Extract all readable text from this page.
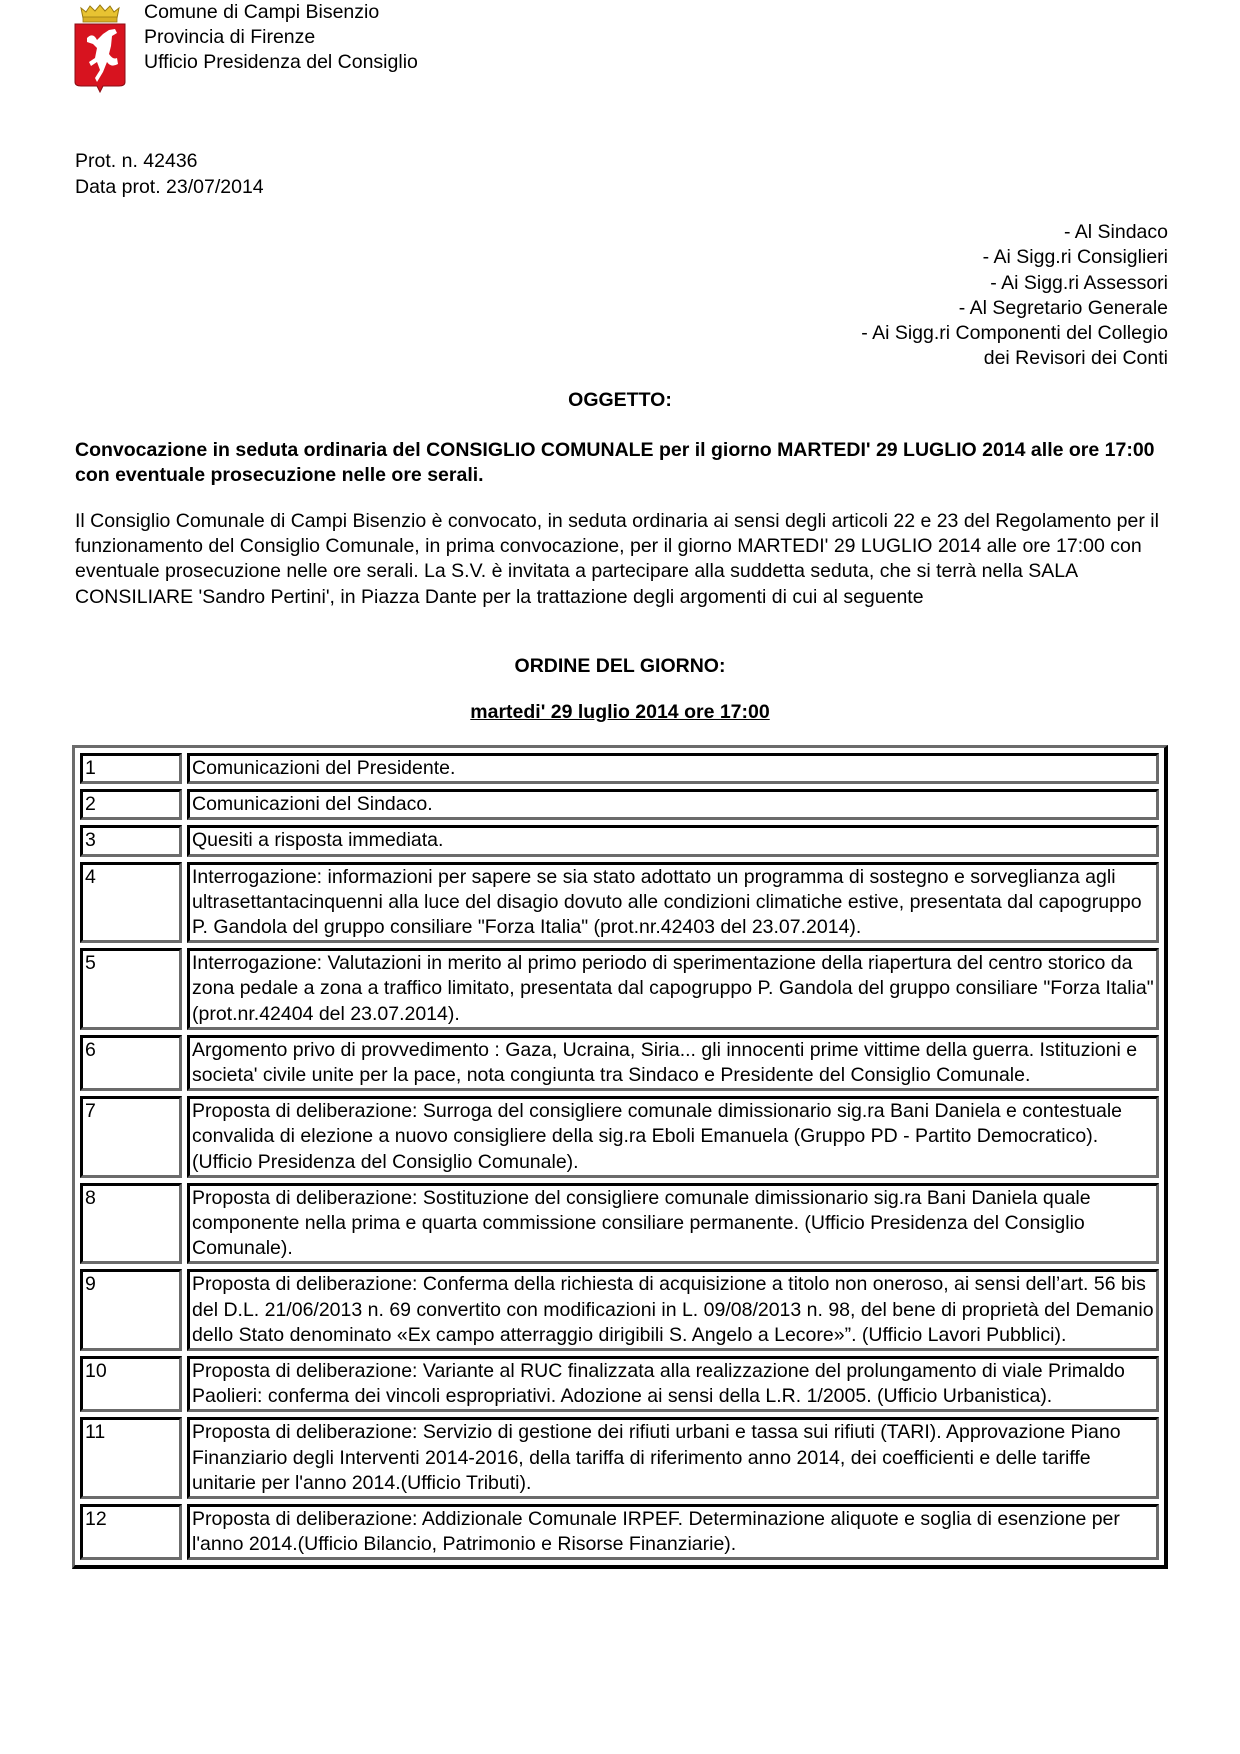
Comune di Campi Bisenzio
Provincia di Firenze
Ufficio Presidenza del Consiglio
Prot. n. 42436
Data prot. 23/07/2014
- Al Sindaco
- Ai Sigg.ri Consiglieri
- Ai Sigg.ri Assessori
- Al Segretario Generale
- Ai Sigg.ri Componenti del Collegio
dei Revisori dei Conti
OGGETTO:
Convocazione in seduta ordinaria del CONSIGLIO COMUNALE per il giorno MARTEDI' 29 LUGLIO 2014 alle ore 17:00 con eventuale prosecuzione nelle ore serali.
Il Consiglio Comunale di Campi Bisenzio è convocato, in seduta ordinaria ai sensi degli articoli 22 e 23 del Regolamento per il funzionamento del Consiglio Comunale, in prima convocazione, per il giorno MARTEDI' 29 LUGLIO 2014 alle ore 17:00 con eventuale prosecuzione nelle ore serali. La S.V. è invitata a partecipare alla suddetta seduta, che si terrà nella SALA CONSILIARE 'Sandro Pertini', in Piazza Dante per la trattazione degli argomenti di cui al seguente
ORDINE DEL GIORNO:
martedi' 29 luglio 2014 ore 17:00
1	Comunicazioni del Presidente.
2	Comunicazioni del Sindaco.
3	Quesiti a risposta immediata.
4	Interrogazione: informazioni per sapere se sia stato adottato un programma di sostegno e sorveglianza agli ultrasettantacinquenni alla luce del disagio dovuto alle condizioni climatiche estive, presentata dal capogruppo P. Gandola del gruppo consiliare "Forza Italia" (prot.nr.42403 del 23.07.2014).
5	Interrogazione: Valutazioni in merito al primo periodo di sperimentazione della riapertura del centro storico da zona pedale a zona a traffico limitato, presentata dal capogruppo P. Gandola del gruppo consiliare "Forza Italia" (prot.nr.42404 del 23.07.2014).
6	Argomento privo di provvedimento : Gaza, Ucraina, Siria... gli innocenti prime vittime della guerra. Istituzioni e societa' civile unite per la pace, nota congiunta tra Sindaco e Presidente del Consiglio Comunale.
7	Proposta di deliberazione: Surroga del consigliere comunale dimissionario sig.ra Bani Daniela e contestuale convalida di elezione a nuovo consigliere della sig.ra Eboli Emanuela (Gruppo PD - Partito Democratico).(Ufficio Presidenza del Consiglio Comunale).
8	Proposta di deliberazione: Sostituzione del consigliere comunale dimissionario sig.ra Bani Daniela quale componente nella prima e quarta commissione consiliare permanente. (Ufficio Presidenza del Consiglio Comunale).
9	Proposta di deliberazione: Conferma della richiesta di acquisizione a titolo non oneroso, ai sensi dell’art. 56 bis del D.L. 21/06/2013 n. 69 convertito con modificazioni in L. 09/08/2013 n. 98, del bene di proprietà del Demanio dello Stato denominato «Ex campo atterraggio dirigibili S. Angelo a Lecore»”. (Ufficio Lavori Pubblici).
10	Proposta di deliberazione: Variante al RUC finalizzata alla realizzazione del prolungamento di viale Primaldo Paolieri: conferma dei vincoli espropriativi. Adozione ai sensi della L.R. 1/2005. (Ufficio Urbanistica).
11	Proposta di deliberazione: Servizio di gestione dei rifiuti urbani e tassa sui rifiuti (TARI). Approvazione Piano Finanziario degli Interventi 2014-2016, della tariffa di riferimento anno 2014, dei coefficienti e delle tariffe unitarie per l'anno 2014.(Ufficio Tributi).
12	Proposta di deliberazione: Addizionale Comunale IRPEF. Determinazione aliquote e soglia di esenzione per l'anno 2014.(Ufficio Bilancio, Patrimonio e Risorse Finanziarie).
